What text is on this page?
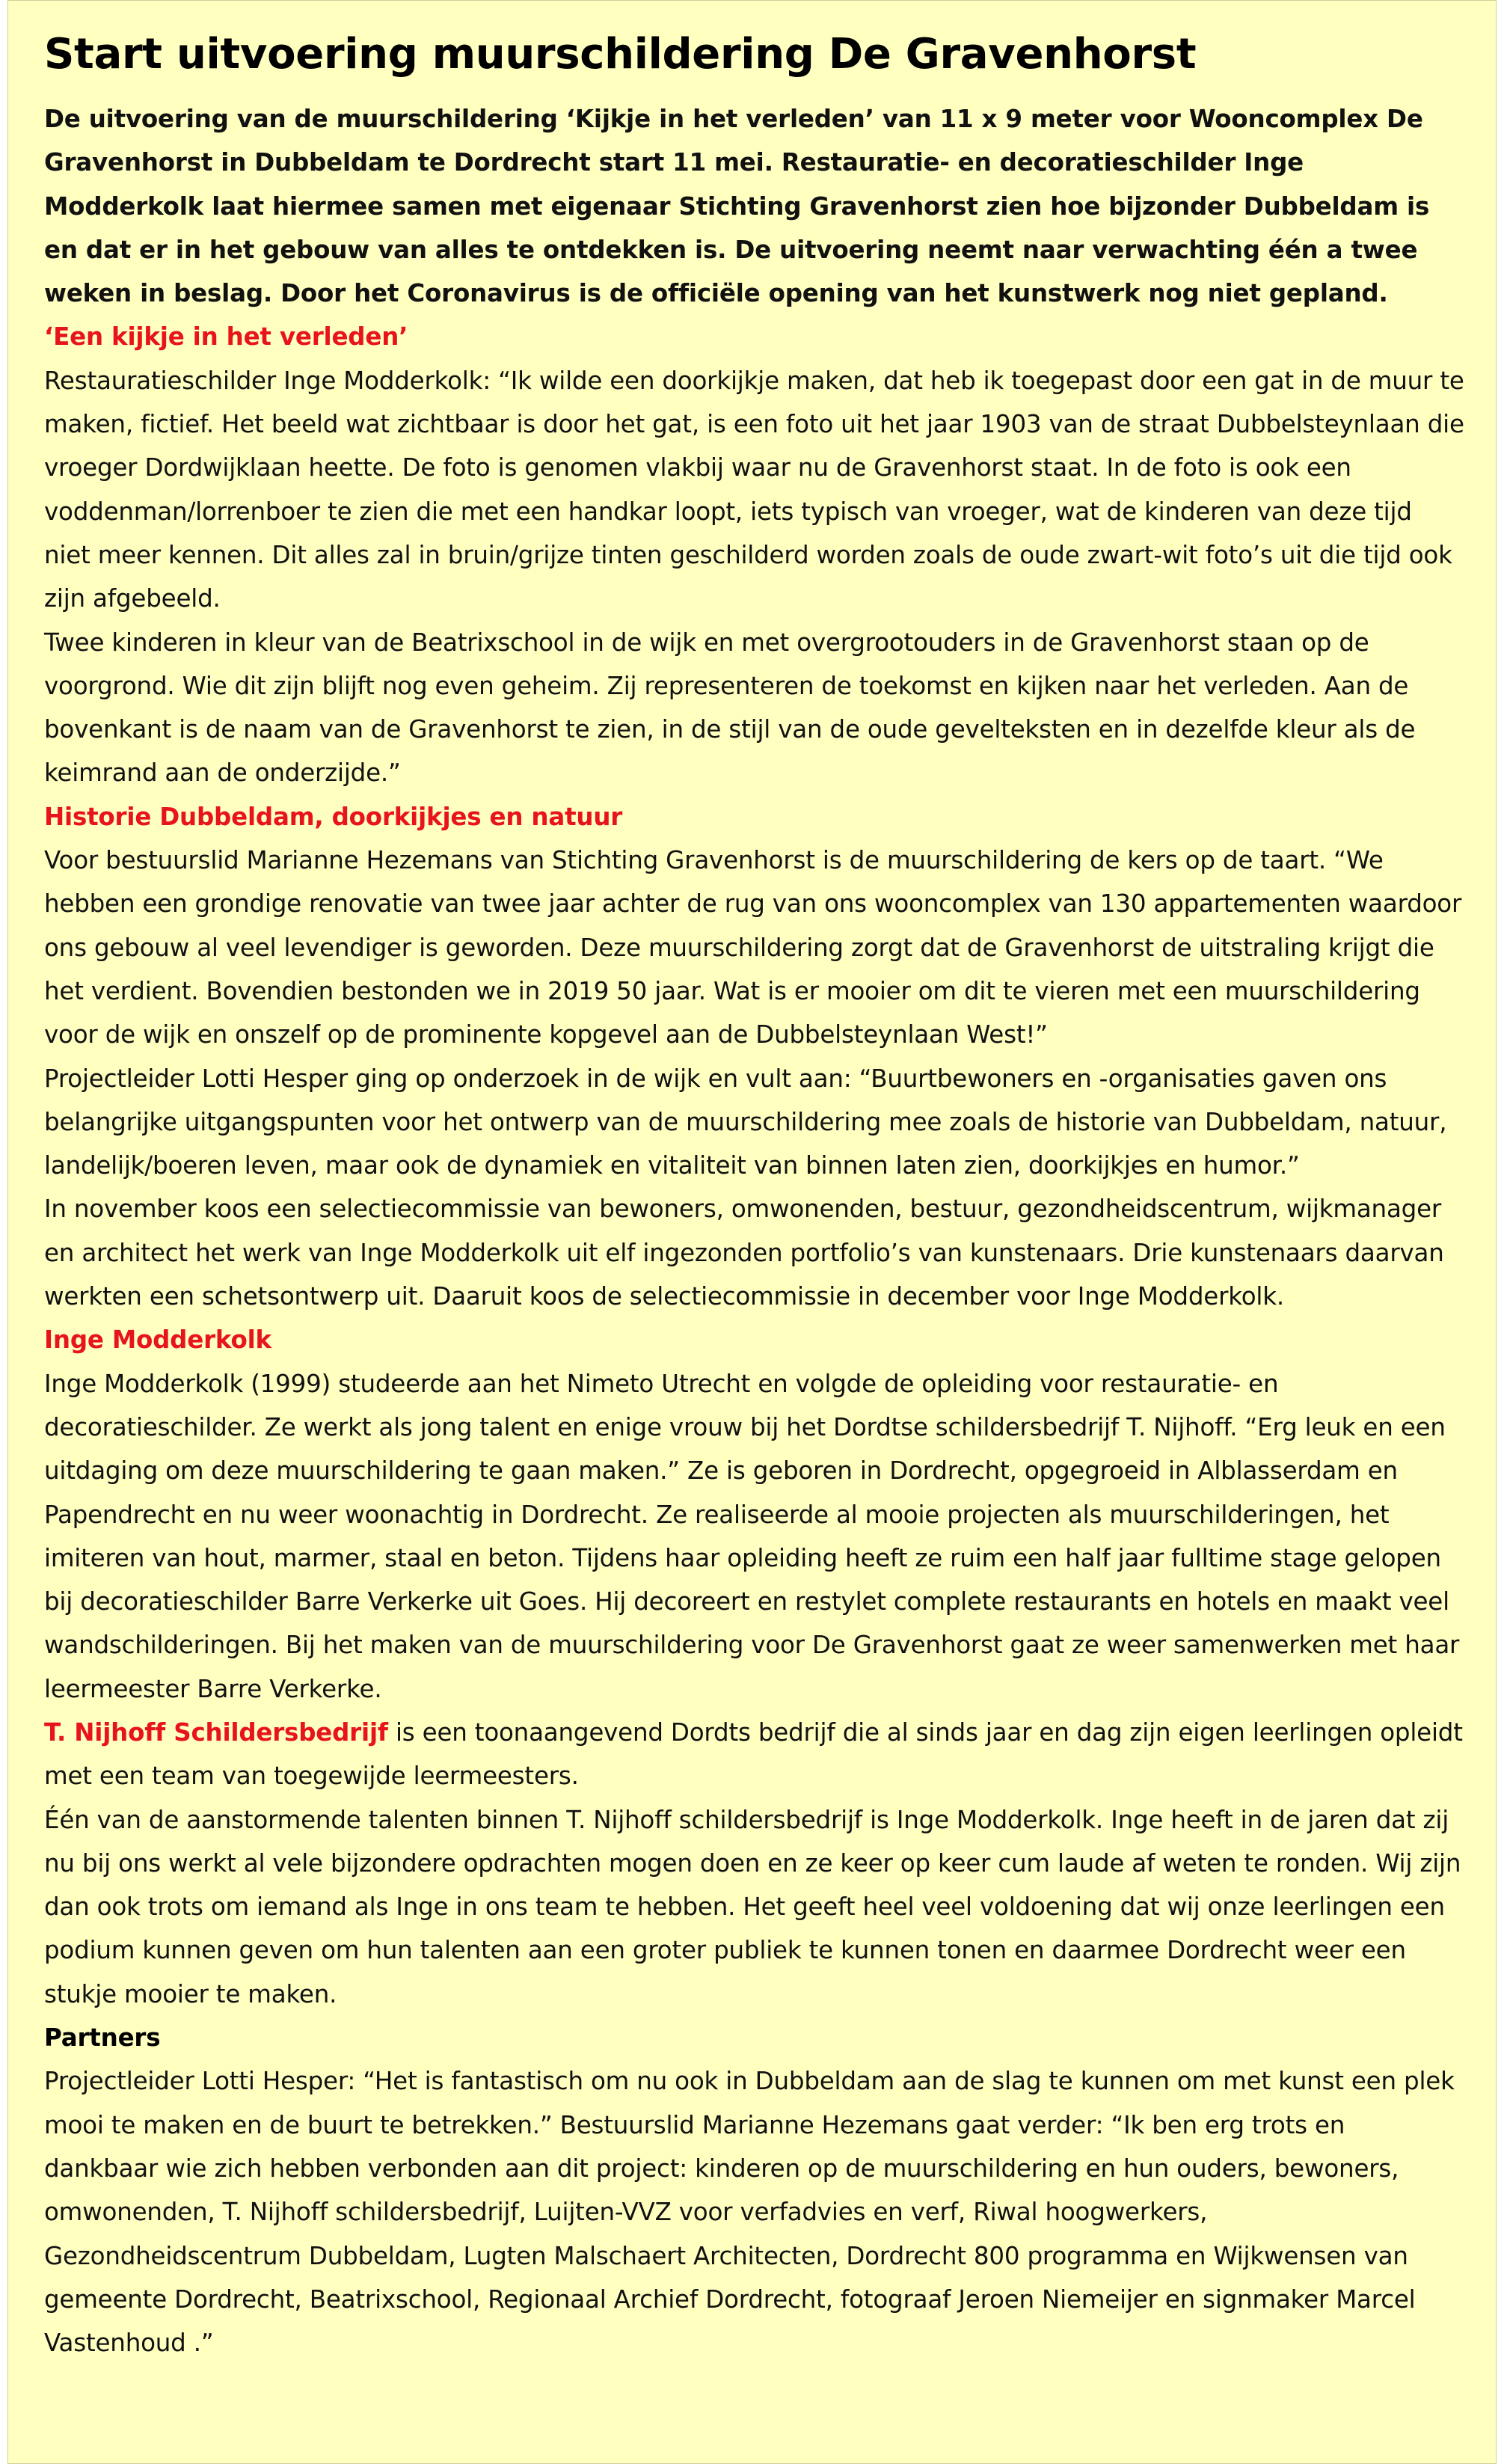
Start uitvoering muurschildering De Gravenhorst

De uitvoering van de muurschildering ‘Kijkje in het verleden’ van 11 x 9 meter voor Wooncomplex De Gravenhorst in Dubbeldam te Dordrecht start 11 mei. Restauratie- en decoratieschilder Inge Modderkolk laat hiermee samen met eigenaar Stichting Gravenhorst zien hoe bijzonder Dubbeldam is en dat er in het gebouw van alles te ontdekken is. De uitvoering neemt naar verwachting één a twee weken in beslag. Door het Coronavirus is de officiële opening van het kunstwerk nog niet gepland.

‘Een kijkje in het verleden’

Restauratieschilder Inge Modderkolk: “Ik wilde een doorkijkje maken, dat heb ik toegepast door een gat in de muur te maken, fictief. Het beeld wat zichtbaar is door het gat, is een foto uit het jaar 1903 van de straat Dubbelsteynlaan die vroeger Dordwijklaan heette. De foto is genomen vlakbij waar nu de Gravenhorst staat. In de foto is ook een voddenman/lorrenboer te zien die met een handkar loopt, iets typisch van vroeger, wat de kinderen van deze tijd niet meer kennen. Dit alles zal in bruin/grijze tinten geschilderd worden zoals de oude zwart-wit foto’s uit die tijd ook zijn afgebeeld.

Twee kinderen in kleur van de Beatrixschool in de wijk en met overgrootouders in de Gravenhorst staan op de voorgrond. Wie dit zijn blijft nog even geheim. Zij representeren de toekomst en kijken naar het verleden. Aan de bovenkant is de naam van de Gravenhorst te zien, in de stijl van de oude gevelteksten en in dezelfde kleur als de keimrand aan de onderzijde.”

Historie Dubbeldam, doorkijkjes en natuur

Voor bestuurslid Marianne Hezemans van Stichting Gravenhorst is de muurschildering de kers op de taart. “We hebben een grondige renovatie van twee jaar achter de rug van ons wooncomplex van 130 appartementen waardoor ons gebouw al veel levendiger is geworden. Deze muurschildering zorgt dat de Gravenhorst de uitstraling krijgt die het verdient. Bovendien bestonden we in 2019 50 jaar. Wat is er mooier om dit te vieren met een muurschildering voor de wijk en onszelf op de prominente kopgevel aan de Dubbelsteynlaan West!”

Projectleider Lotti Hesper ging op onderzoek in de wijk en vult aan: “Buurtbewoners en -organisaties gaven ons belangrijke uitgangspunten voor het ontwerp van de muurschildering mee zoals de historie van Dubbeldam, natuur, landelijk/boeren leven, maar ook de dynamiek en vitaliteit van binnen laten zien, doorkijkjes en humor.”

In november koos een selectiecommissie van bewoners, omwonenden, bestuur, gezondheidscentrum, wijkmanager en architect het werk van Inge Modderkolk uit elf ingezonden portfolio’s van kunstenaars. Drie kunstenaars daarvan werkten een schetsontwerp uit. Daaruit koos de selectiecommissie in december voor Inge Modderkolk.

Inge Modderkolk

Inge Modderkolk (1999) studeerde aan het Nimeto Utrecht en volgde de opleiding voor restauratie- en decoratieschilder. Ze werkt als jong talent en enige vrouw bij het Dordtse schildersbedrijf T. Nijhoff. “Erg leuk en een uitdaging om deze muurschildering te gaan maken.” Ze is geboren in Dordrecht, opgegroeid in Alblasserdam en Papendrecht en nu weer woonachtig in Dordrecht. Ze realiseerde al mooie projecten als muurschilderingen, het imiteren van hout, marmer, staal en beton. Tijdens haar opleiding heeft ze ruim een half jaar fulltime stage gelopen bij decoratieschilder Barre Verkerke uit Goes. Hij decoreert en restylet complete restaurants en hotels en maakt veel wandschilderingen. Bij het maken van de muurschildering voor De Gravenhorst gaat ze weer samenwerken met haar leermeester Barre Verkerke.

T. Nijhoff Schildersbedrijf is een toonaangevend Dordts bedrijf die al sinds jaar en dag zijn eigen leerlingen opleidt met een team van toegewijde leermeesters.

Één van de aanstormende talenten binnen T. Nijhoff schildersbedrijf is Inge Modderkolk. Inge heeft in de jaren dat zij nu bij ons werkt al vele bijzondere opdrachten mogen doen en ze keer op keer cum laude af weten te ronden. Wij zijn dan ook trots om iemand als Inge in ons team te hebben. Het geeft heel veel voldoening dat wij onze leerlingen een podium kunnen geven om hun talenten aan een groter publiek te kunnen tonen en daarmee Dordrecht weer een stukje mooier te maken.

Partners

Projectleider Lotti Hesper: “Het is fantastisch om nu ook in Dubbeldam aan de slag te kunnen om met kunst een plek mooi te maken en de buurt te betrekken.” Bestuurslid Marianne Hezemans gaat verder: “Ik ben erg trots en dankbaar wie zich hebben verbonden aan dit project: kinderen op de muurschildering en hun ouders, bewoners, omwonenden, T. Nijhoff schildersbedrijf, Luijten-VVZ voor verfadvies en verf, Riwal hoogwerkers, Gezondheidscentrum Dubbeldam, Lugten Malschaert Architecten, Dordrecht 800 programma en Wijkwensen van gemeente Dordrecht, Beatrixschool, Regionaal Archief Dordrecht, fotograaf Jeroen Niemeijer en signmaker Marcel Vastenhoud .”
